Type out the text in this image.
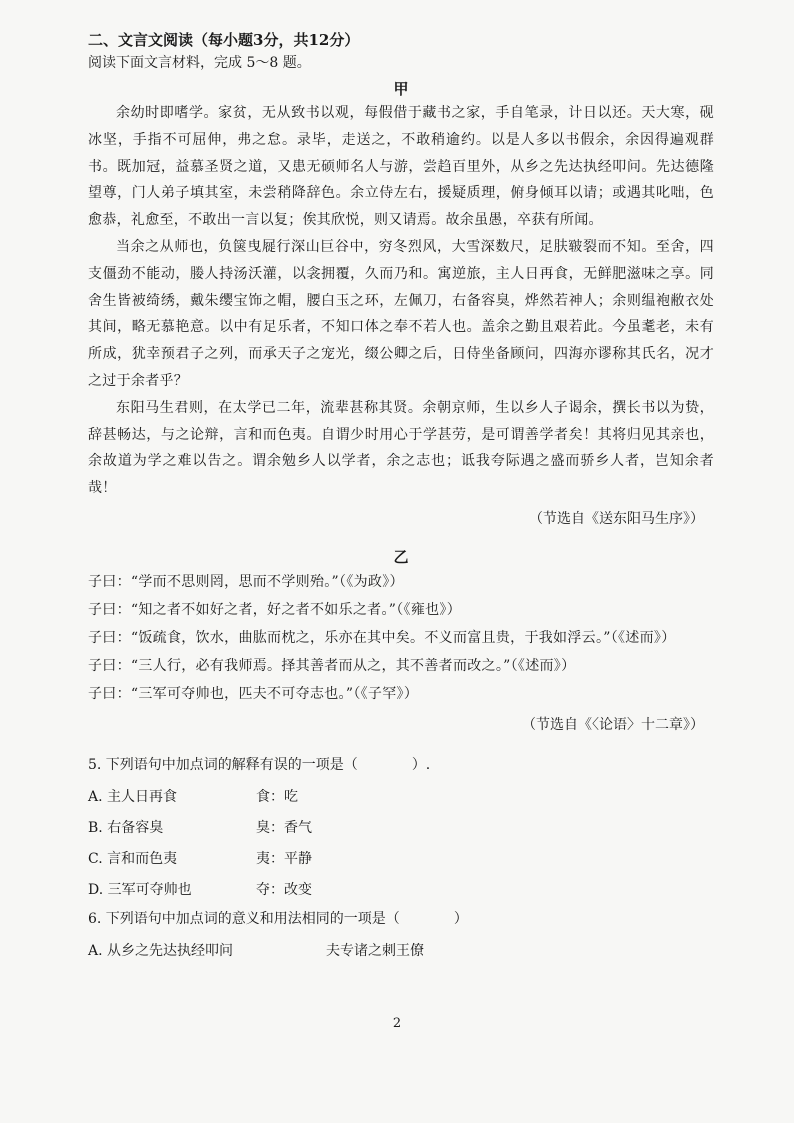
二、文言文阅读（每小题3分，共12分）

阅读下面文言材料，完成 5～8 题。

甲

余幼时即嗜学。家贫，无从致书以观，每假借于藏书之家，手自笔录，计日以还。天大寒，砚冰坚，手指不可屈伸，弗之怠。录毕，走送之，不敢稍逾约。以是人多以书假余，余因得遍观群书。既加冠，益慕圣贤之道，又患无硕师名人与游，尝趋百里外，从乡之先达执经叩问。先达德隆望尊，门人弟子填其室，未尝稍降辞色。余立侍左右，援疑质理，俯身倾耳以请；或遇其叱咄，色愈恭，礼愈至，不敢出一言以复；俟其欣悦，则又请焉。故余虽愚，卒获有所闻。

当余之从师也，负箧曳屣行深山巨谷中，穷冬烈风，大雪深数尺，足肤皲裂而不知。至舍，四支僵劲不能动，媵人持汤沃灌，以衾拥覆，久而乃和。寓逆旅，主人日再食，无鲜肥滋味之享。同舍生皆被绮绣，戴朱缨宝饰之帽，腰白玉之环，左佩刀，右备容臭，烨然若神人；余则缊袍敝衣处其间，略无慕艳意。以中有足乐者，不知口体之奉不若人也。盖余之勤且艰若此。今虽耄老，未有所成，犹幸预君子之列，而承天子之宠光，缀公卿之后，日侍坐备顾问，四海亦谬称其氏名，况才之过于余者乎？

东阳马生君则，在太学已二年，流辈甚称其贤。余朝京师，生以乡人子谒余，撰长书以为贽，辞甚畅达，与之论辩，言和而色夷。自谓少时用心于学甚劳，是可谓善学者矣！其将归见其亲也，余故道为学之难以告之。谓余勉乡人以学者，余之志也；诋我夸际遇之盛而骄乡人者，岂知余者哉！

（节选自《送东阳马生序》）

乙

子曰：“学而不思则罔，思而不学则殆。”（《为政》）

子曰：“知之者不如好之者，好之者不如乐之者。”（《雍也》）

子曰：“饭疏食，饮水，曲肱而枕之，乐亦在其中矣。不义而富且贵，于我如浮云。”（《述而》）

子曰：“三人行，必有我师焉。择其善者而从之，其不善者而改之。”（《述而》）

子曰：“三军可夺帅也，匹夫不可夺志也。”（《子罕》）

（节选自《〈论语〉十二章》）

5. 下列语句中加点词的解释有误的一项是（	）.

A. 主人日再食	食：吃
B. 右备容臭	臭：香气
C. 言和而色夷	夷：平静
D. 三军可夺帅也	夺：改变

6. 下列语句中加点词的意义和用法相同的一项是（	）

A. 从乡之先达执经叩问	夫专诸之刺王僚
2
